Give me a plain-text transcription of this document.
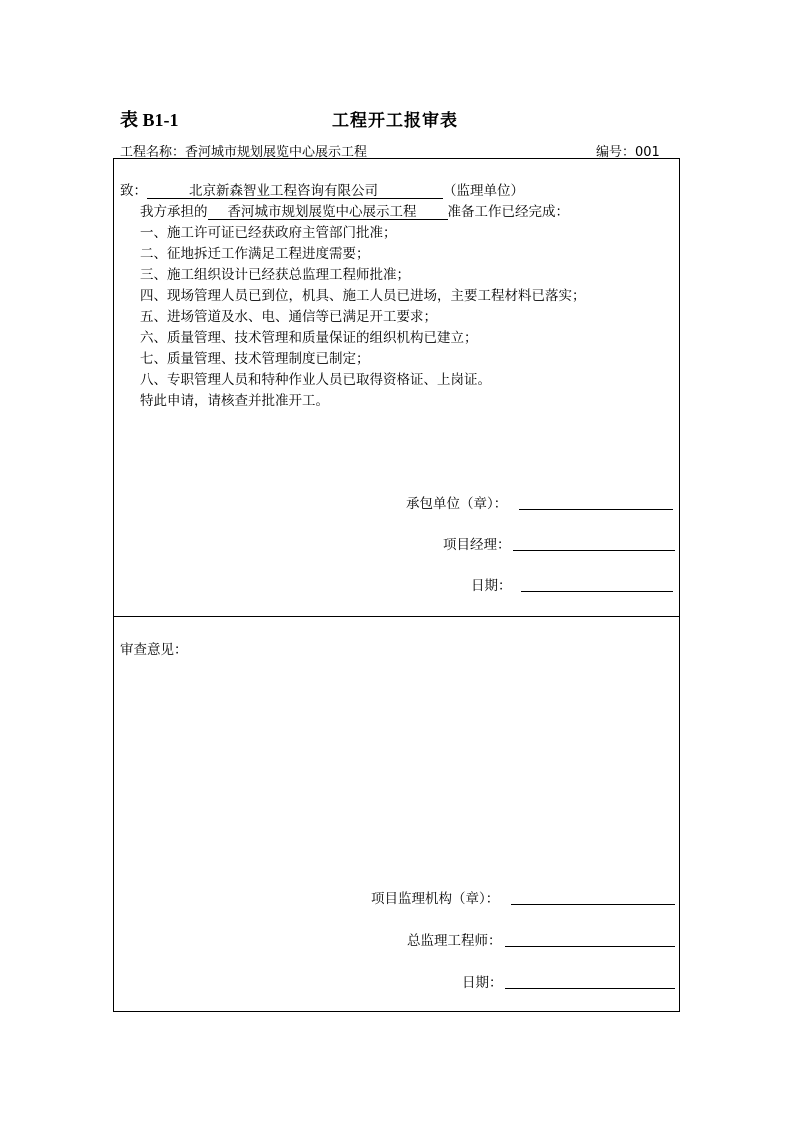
表 B1-1	工程开工报审表
工程名称：香河城市规划展览中心展示工程	编号：001
致：	北京新森智业工程咨询有限公司	（监理单位）
我方承担的 香河城市规划展览中心展示工程 准备工作已经完成：
一、施工许可证已经获政府主管部门批准；
二、征地拆迁工作满足工程进度需要；
三、施工组织设计已经获总监理工程师批准；
四、现场管理人员已到位，机具、施工人员已进场，主要工程材料已落实；
五、进场管道及水、电、通信等已满足开工要求；
六、质量管理、技术管理和质量保证的组织机构已建立；
七、质量管理、技术管理制度已制定；
八、专职管理人员和特种作业人员已取得资格证、上岗证。
特此申请，请核查并批准开工。
承包单位（章）：
项目经理：
日期：
审查意见：
项目监理机构（章）：
总监理工程师：
日期：
